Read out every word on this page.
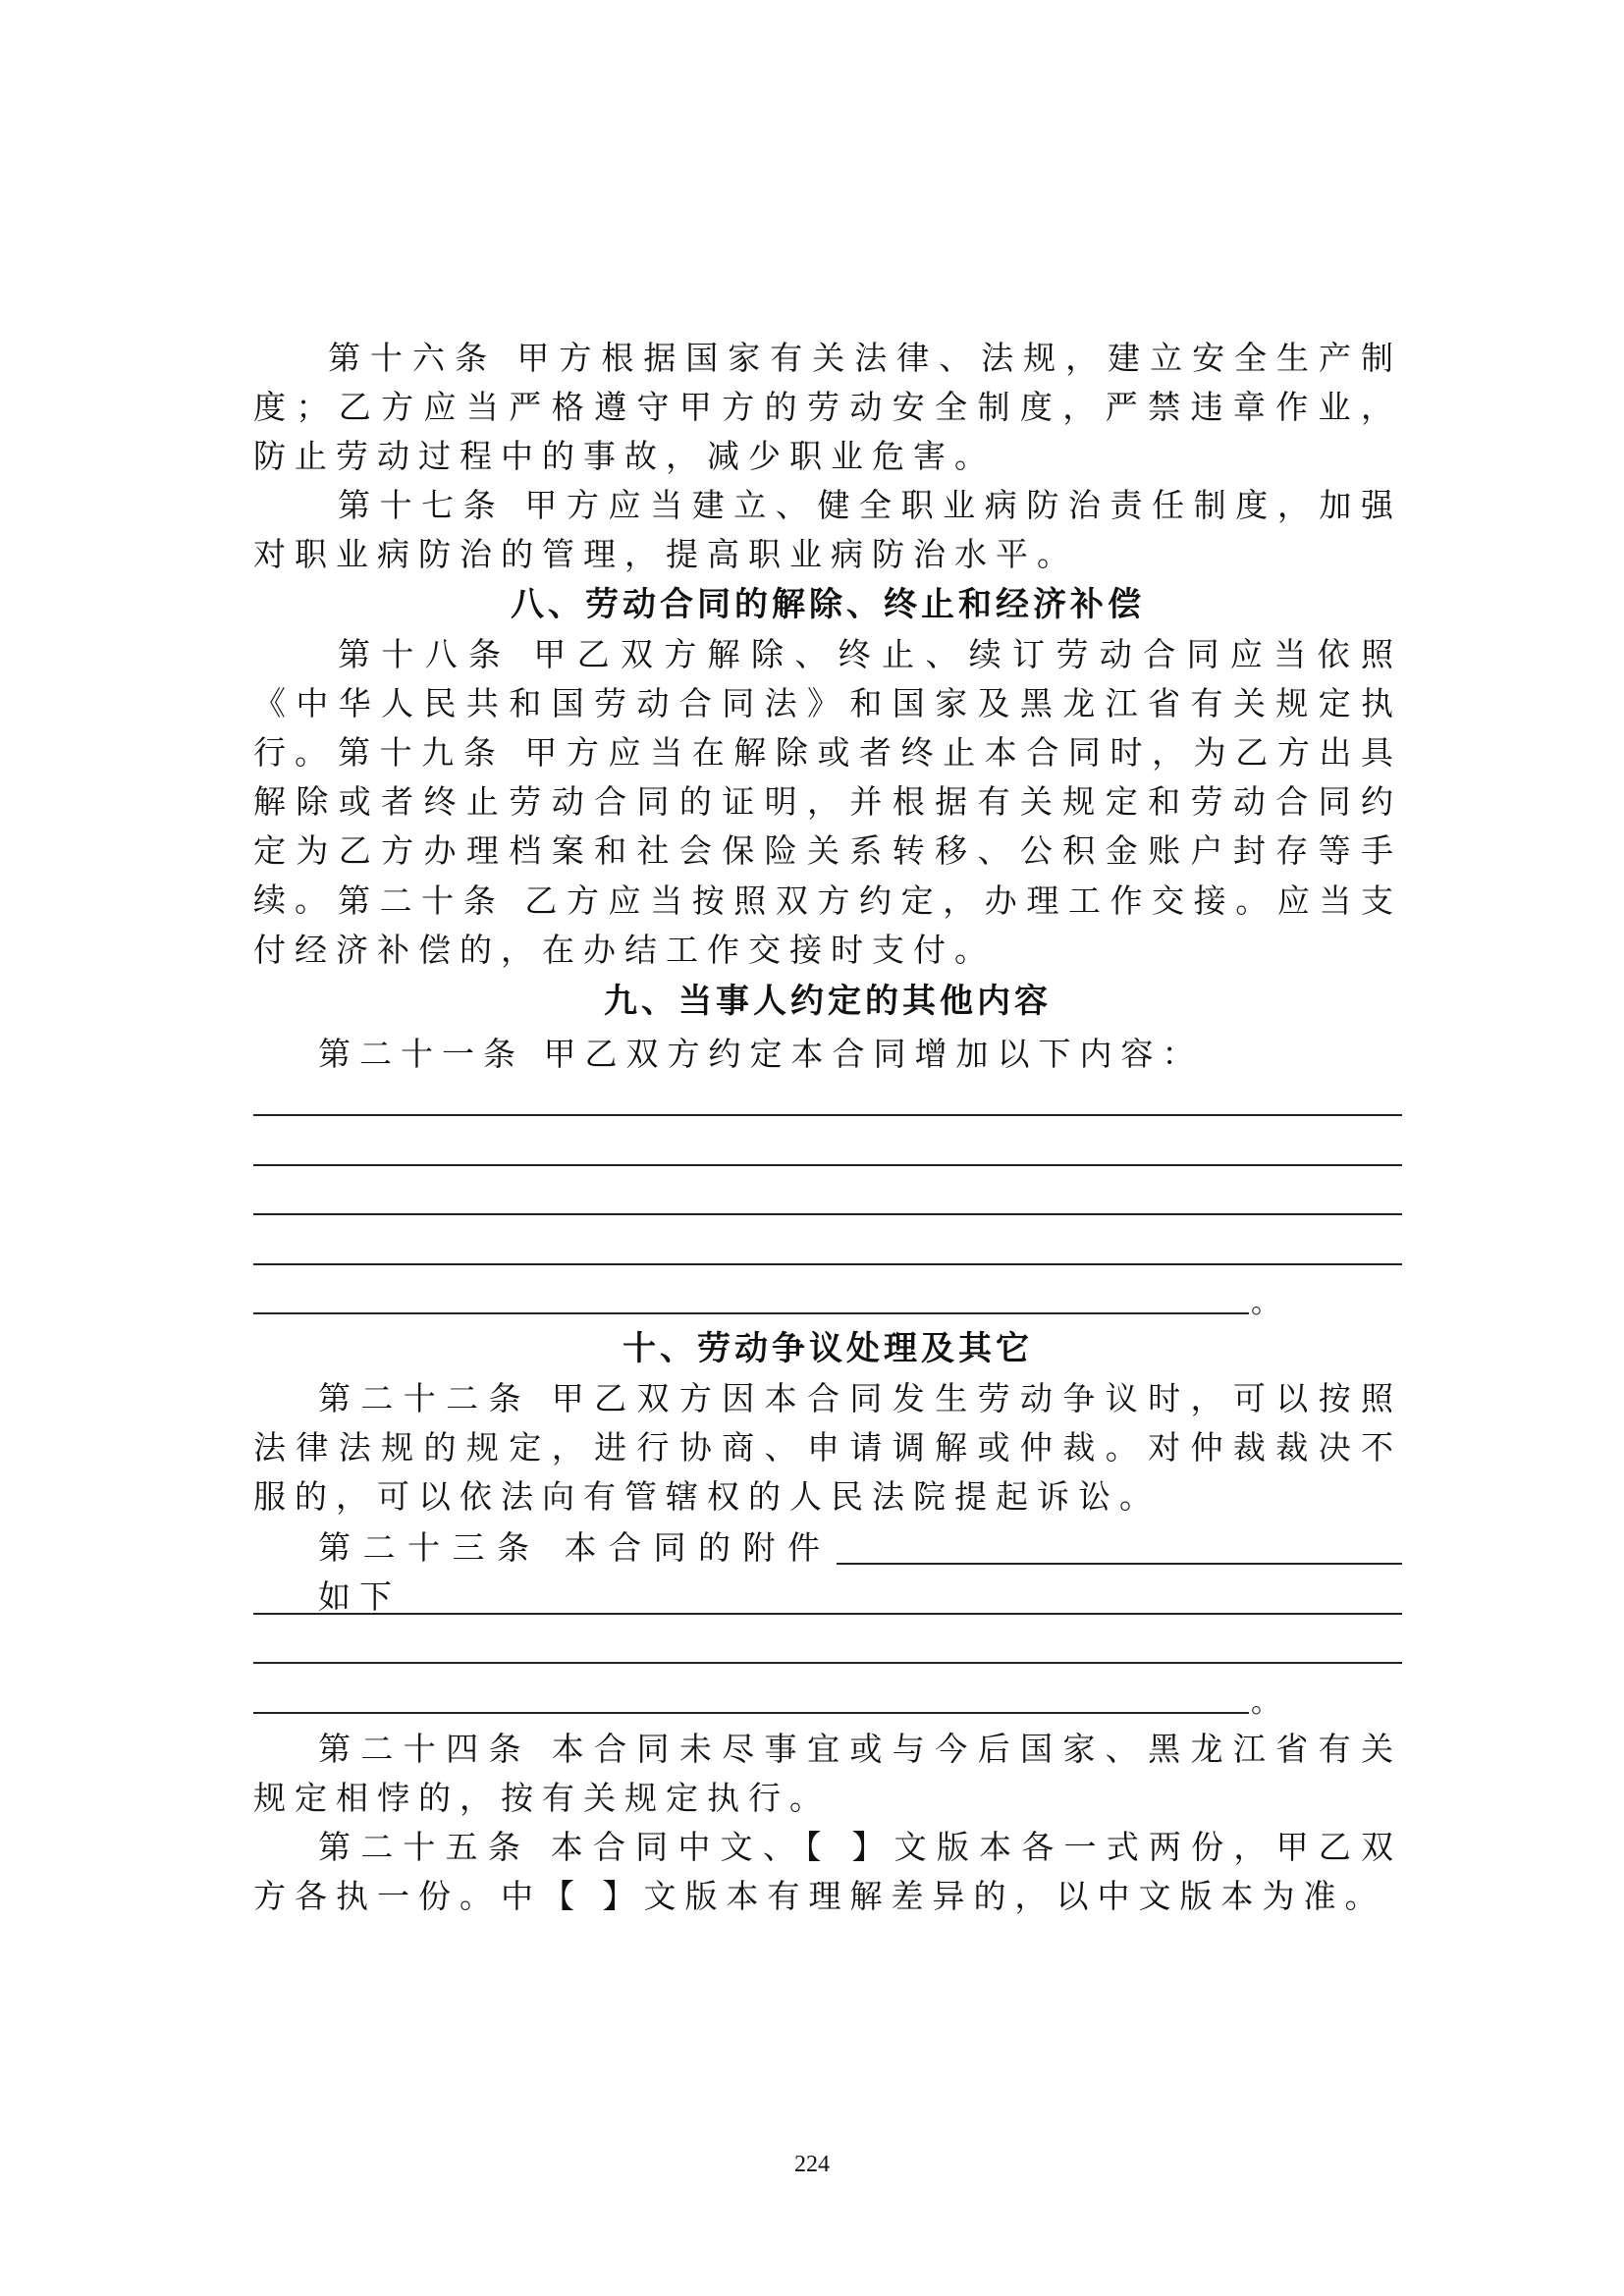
第十六条 甲方根据国家有关法律、法规，建立安全生产制度；乙方应当严格遵守甲方的劳动安全制度，严禁违章作业，防止劳动过程中的事故，减少职业危害。
第十七条 甲方应当建立、健全职业病防治责任制度，加强对职业病防治的管理，提高职业病防治水平。
八、劳动合同的解除、终止和经济补偿
第十八条 甲乙双方解除、终止、续订劳动合同应当依照《中华人民共和国劳动合同法》和国家及黑龙江省有关规定执行。 第十九条 甲方应当在解除或者终止本合同时，为乙方出具解除或者终止劳动合同的证明，并根据有关规定和劳动合同约定为乙方办理档案和社会保险关系转移、公积金账户封存等手续。 第二十条 乙方应当按照双方约定，办理工作交接。应当支付经济补偿的，在办结工作交接时支付。
九、当事人约定的其他内容
第二十一条 甲乙双方约定本合同增加以下内容：
。
十、劳动争议处理及其它
第二十二条 甲乙双方因本合同发生劳动争议时，可以按照法律法规的规定，进行协商、申请调解或仲裁。对仲裁裁决不服的，可以依法向有管辖权的人民法院提起诉讼。
第二十三条 本合同的附件如下
。
第二十四条 本合同未尽事宜或与今后国家、黑龙江省有关规定相悖的，按有关规定执行。
第二十五条 本合同中文、【 】文版本各一式两份，甲乙双方各执一份。中【 】文版本有理解差异的，以中文版本为准。
224
